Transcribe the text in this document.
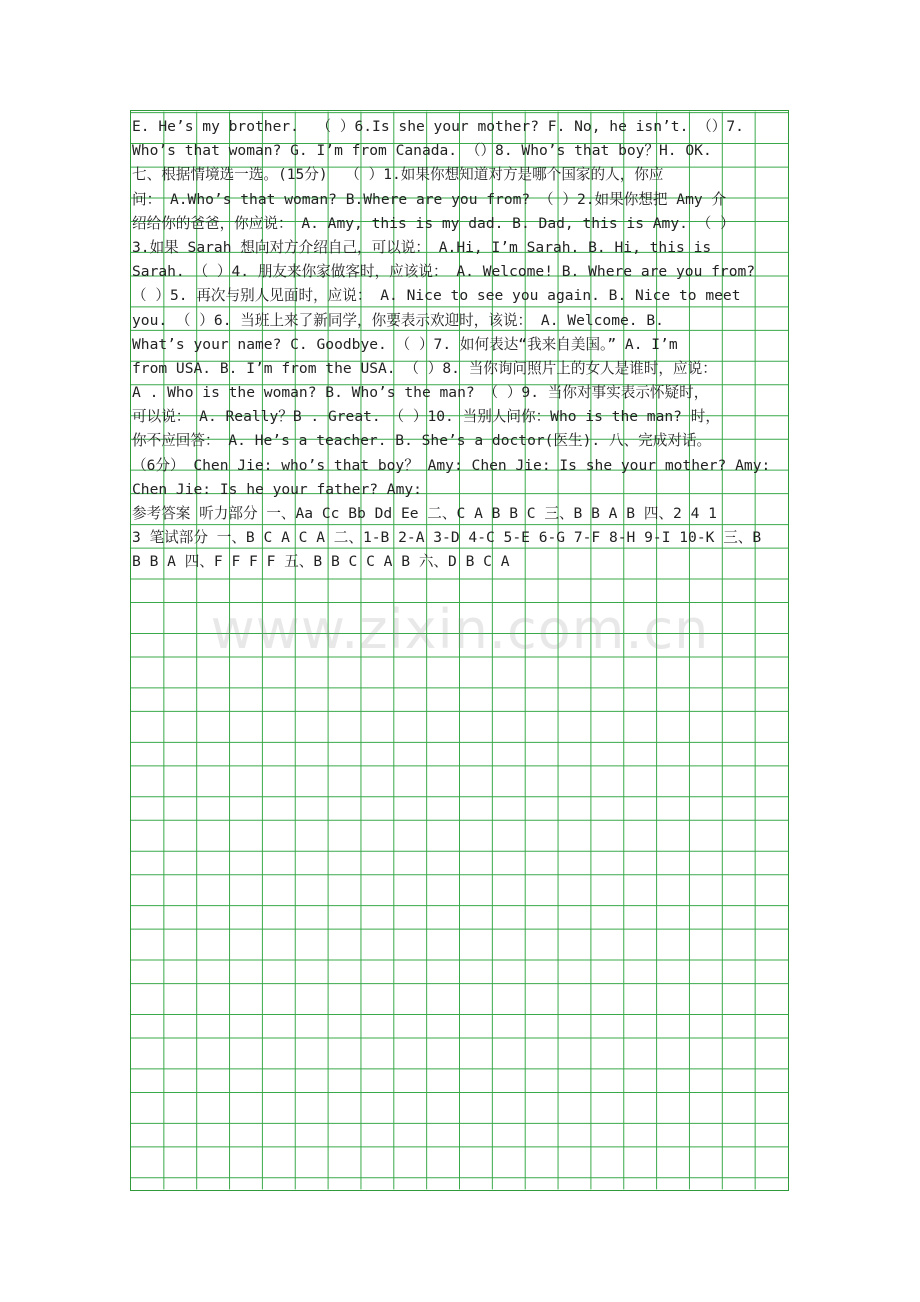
E. He’s my brother.  （ ）6.Is she your mother? F. No, he isn’t. （）7.
Who’s that woman? G. I’m from Canada. （）8. Who’s that boy？H. OK.
七、根据情境选一选。(15分)  （ ）1.如果你想知道对方是哪个国家的人，你应
问： A.Who’s that woman? B.Where are you from? （ ）2.如果你想把 Amy 介
绍给你的爸爸，你应说： A. Amy, this is my dad. B. Dad, this is Amy. （ ）
3.如果 Sarah 想向对方介绍自己，可以说： A.Hi, I’m Sarah. B. Hi, this is
Sarah. （ ）4. 朋友来你家做客时，应该说： A. Welcome! B. Where are you from?
（ ）5. 再次与别人见面时，应说： A. Nice to see you again. B. Nice to meet
you. （ ）6. 当班上来了新同学，你要表示欢迎时，该说： A. Welcome. B.
What’s your name? C. Goodbye. （ ）7. 如何表达“我来自美国。” A. I’m
from USA. B. I’m from the USA. （ ）8. 当你询问照片上的女人是谁时，应说：
A . Who is the woman? B. Who’s the man? （ ）9. 当你对事实表示怀疑时，
可以说： A. Really？B . Great. （ ）10. 当别人问你：Who is the man? 时，
你不应回答： A. He’s a teacher. B. She’s a doctor(医生). 八、完成对话。
（6分） Chen Jie: who’s that boy？ Amy: Chen Jie: Is she your mother? Amy:
Chen Jie: Is he your father? Amy:
参考答案 听力部分 一、Aa Cc Bb Dd Ee 二、C A B B C 三、B B A B 四、2 4 1
3 笔试部分 一、B C A C A 二、1-B 2-A 3-D 4-C 5-E 6-G 7-F 8-H 9-I 10-K 三、B
B B A 四、F F F F 五、B B C C A B 六、D B C A
www.zixin.com.cn
